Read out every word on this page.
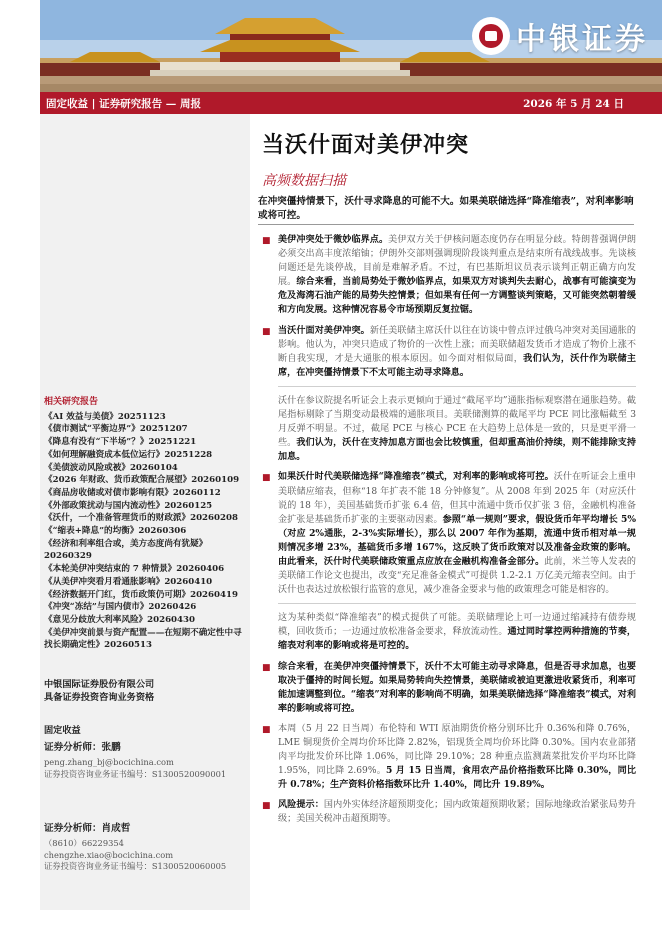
中银证券
固定收益 | 证券研究报告 — 周报	2026 年 5 月 24 日
相关研究报告
《AI 效益与美债》20251123
《债市测试“平衡边界”》20251207
《降息有没有“下半场”？》20251221
《如何理解融资成本低位运行》20251228
《美债波动风险或被》20260104
《2026 年财政、货币政策配合展望》20260109
《商品房收储或对债市影响有限》20260112
《外部政策扰动与国内流动性》20260125
《沃什，一个准备管理货币的财政派》20260208
《“缩表+降息”的均衡》20260306
《经济和利率组合或，美方态度尚有犹疑》20260329
《本轮美伊冲突结束的 7 种情景》20260406
《从美伊冲突看月看通胀影响》20260410
《经济数据开门红，货币政策仍可期》20260419
《冲突“冻结”与国内债市》20260426
《意见分歧放大利率风险》20260430
《美伊冲突前景与资产配置——在短期不确定性中寻找长期确定性》20260513
中银国际证券股份有限公司
具备证券投资咨询业务资格
固定收益
证券分析师：张鹏
peng.zhang_bj@bocichina.com
证券投资咨询业务证书编号：S1300520090001
证券分析师：肖成哲
（8610）66229354
chengzhe.xiao@bocichina.com
证券投资咨询业务证书编号：S1300520060005
当沃什面对美伊冲突
高频数据扫描
在冲突僵持情景下，沃什寻求降息的可能不大。如果美联储选择“降准缩表”，对利率影响或将可控。
■ 美伊冲突处于微妙临界点。美伊双方关于伊核问题态度仍存在明显分歧。特朗普强调伊朗必须交出高丰度浓缩铀；伊朗外交部则强调现阶段谈判重点是结束所有战线战事。先谈核问题还是先谈停战，目前是难解矛盾。不过，有巴基斯坦议员表示谈判正朝正确方向发展。综合来看，当前局势处于微妙临界点，如果双方对谈判失去耐心，战事有可能演变为危及海湾石油产能的局势失控情景；但如果有任何一方调整谈判策略，又可能突然朝着缓和方向发展。这种情况容易令市场预期反复拉锯。
■ 当沃什面对美伊冲突。新任美联储主席沃什以往在访谈中曾点评过俄乌冲突对美国通胀的影响。他认为，冲突只造成了物价的一次性上涨；而美联储超发货币才造成了物价上涨不断自我实现，才是大通胀的根本原因。如今面对相似局面，我们认为，沃什作为联储主席，在冲突僵持情景下不太可能主动寻求降息。
沃什在参议院提名听证会上表示更倾向于通过“截尾平均”通胀指标观察潜在通胀趋势。截尾指标剔除了当期变动最极端的通胀项目。美联储测算的截尾平均 PCE 同比涨幅截至 3 月反弹不明显。不过，截尾 PCE 与核心 PCE 在大趋势上总体是一致的，只是更平滑一些。我们认为，沃什在支持加息方面也会比较慎重，但却重高油价持续，则不能排除支持加息。
■ 如果沃什时代美联储选择“降准缩表”模式，对利率的影响或将可控。沃什在听证会上重申美联储应缩表，但称“18 年扩表不能 18 分钟修复”。从 2008 年到 2025 年（对应沃什说的 18 年），美国基础货币扩张 6.4 倍，但其中流通中货币仅扩张 3 倍，金融机构准备金扩张是基础货币扩张的主要驱动因素。参照“单一规则”要求，假设货币年平均增长 5%（对应 2%通胀，2-3%实际增长），那么以 2007 年作为基期，流通中货币相对单一规则情况多增 23%，基础货币多增 167%，这反映了货币政策对以及准备金政策的影响。由此看来，沃什时代美联储政策重点应放在金融机构准备金部分。此前，米兰等人发表的美联储工作论文也提出，改变“充足准备金模式”可提供 1.2-2.1 万亿美元缩表空间。由于沃什也表达过放松银行监管的意见，减少准备金要求与他的政策理念可能是相容的。
这为某种类似“降准缩表”的模式提供了可能。美联储理论上可一边通过缩减持有债券规模，回收货币；一边通过放松准备金要求，释放流动性。通过同时掌控两种措施的节奏，缩表对利率的影响或将是可控的。
■ 综合来看，在美伊冲突僵持情景下，沃什不太可能主动寻求降息，但是否寻求加息，也要取决于僵持的时间长短。如果局势转向失控情景，美联储或被迫更激进收紧货币，利率可能加速调整到位。“缩表”对利率的影响尚不明确，如果美联储选择“降准缩表”模式，对利率的影响或将可控。
■ 本周（5 月 22 日当周）布伦特和 WTI 原油期货价格分别环比升 0.36%和降 0.76%，LME 铜现货价全周均价环比降 2.82%，铝现货全周均价环比降 0.30%。国内农业部猪肉平均批发价环比降 1.06%，同比降 29.10%；28 种重点监测蔬菜批发价平均环比降 1.95%，同比降 2.69%。5 月 15 日当周，食用农产品价格指数环比降 0.30%，同比升 0.78%；生产资料价格指数环比升 1.40%，同比升 19.89%。
■ 风险提示：国内外实体经济超预期变化；国内政策超预期收紧；国际地缘政治紧张局势升级；美国关税冲击超预期等。
